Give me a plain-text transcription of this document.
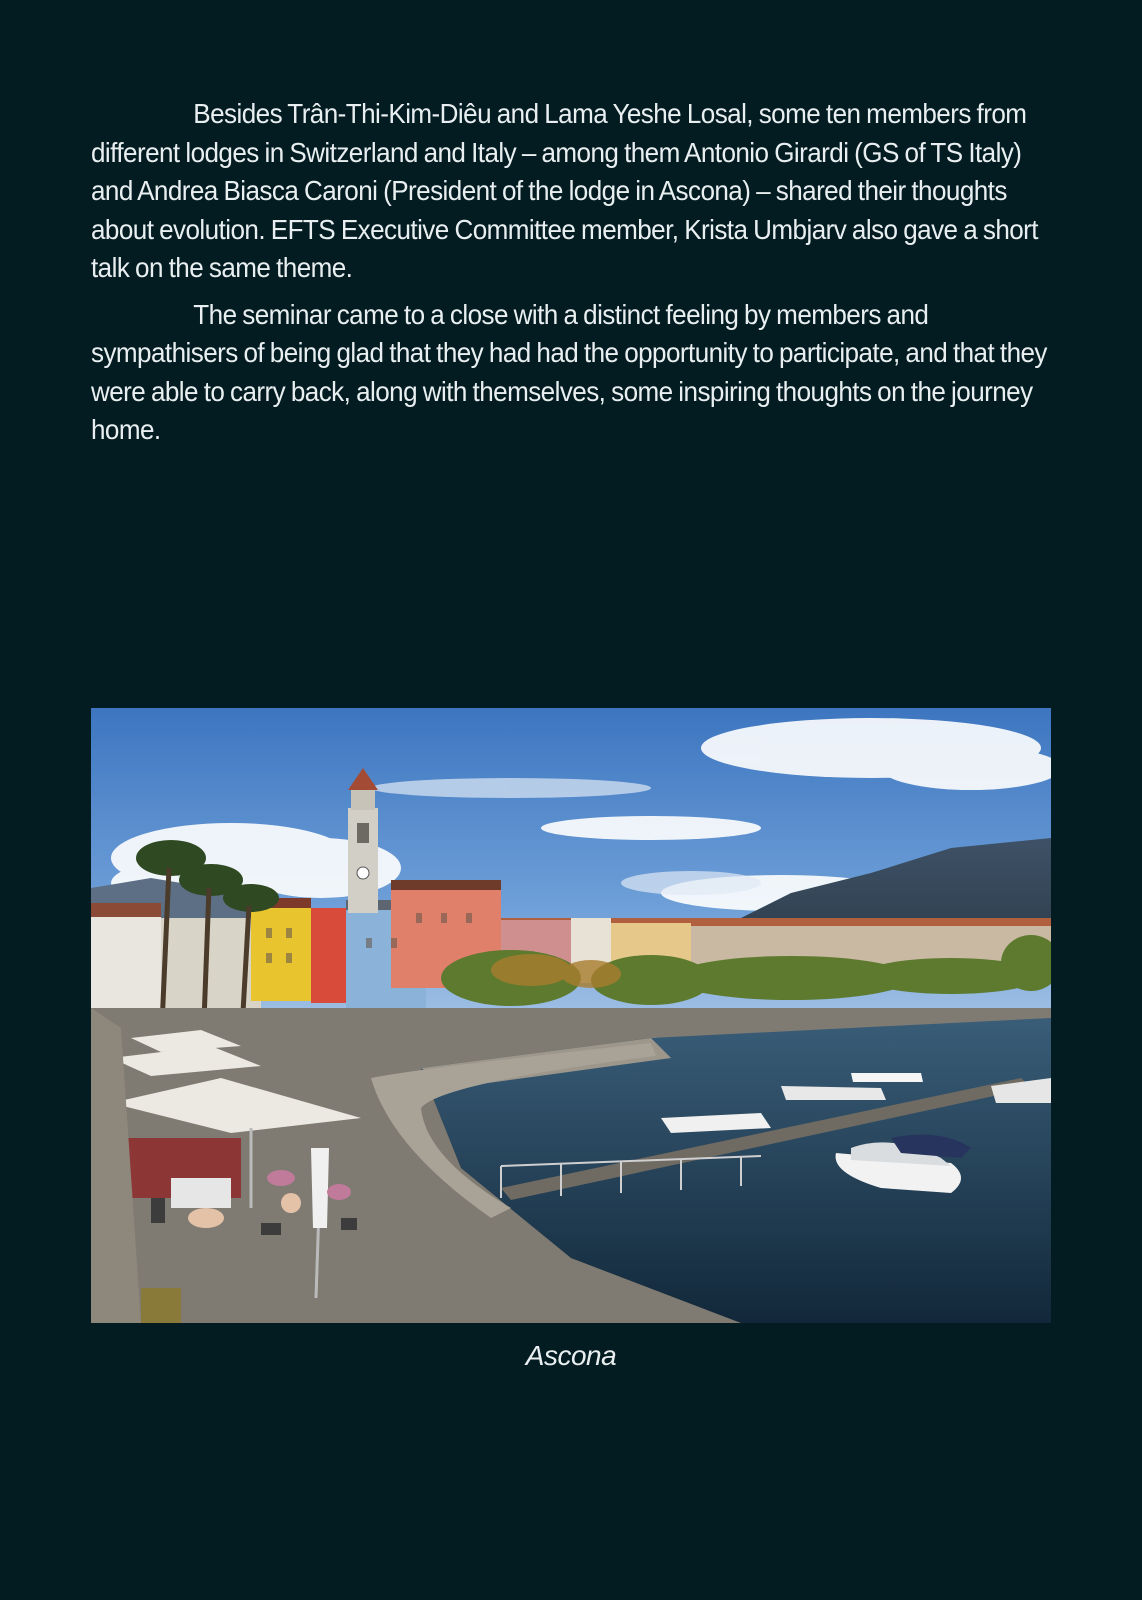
Besides Trân-Thi-Kim-Diêu and Lama Yeshe Losal, some ten members from different lodges in Switzerland and Italy – among them Antonio Girardi (GS of TS Italy) and Andrea Biasca Caroni (President of the lodge in Ascona) – shared their thoughts about evolution. EFTS Executive Committee member, Krista Umbjarv also gave a short talk on the same theme.

The seminar came to a close with a distinct feeling by members and sympathisers of being glad that they had had the opportunity to participate, and that they were able to carry back, along with themselves, some inspiring thoughts on the journey home.

Ascona
